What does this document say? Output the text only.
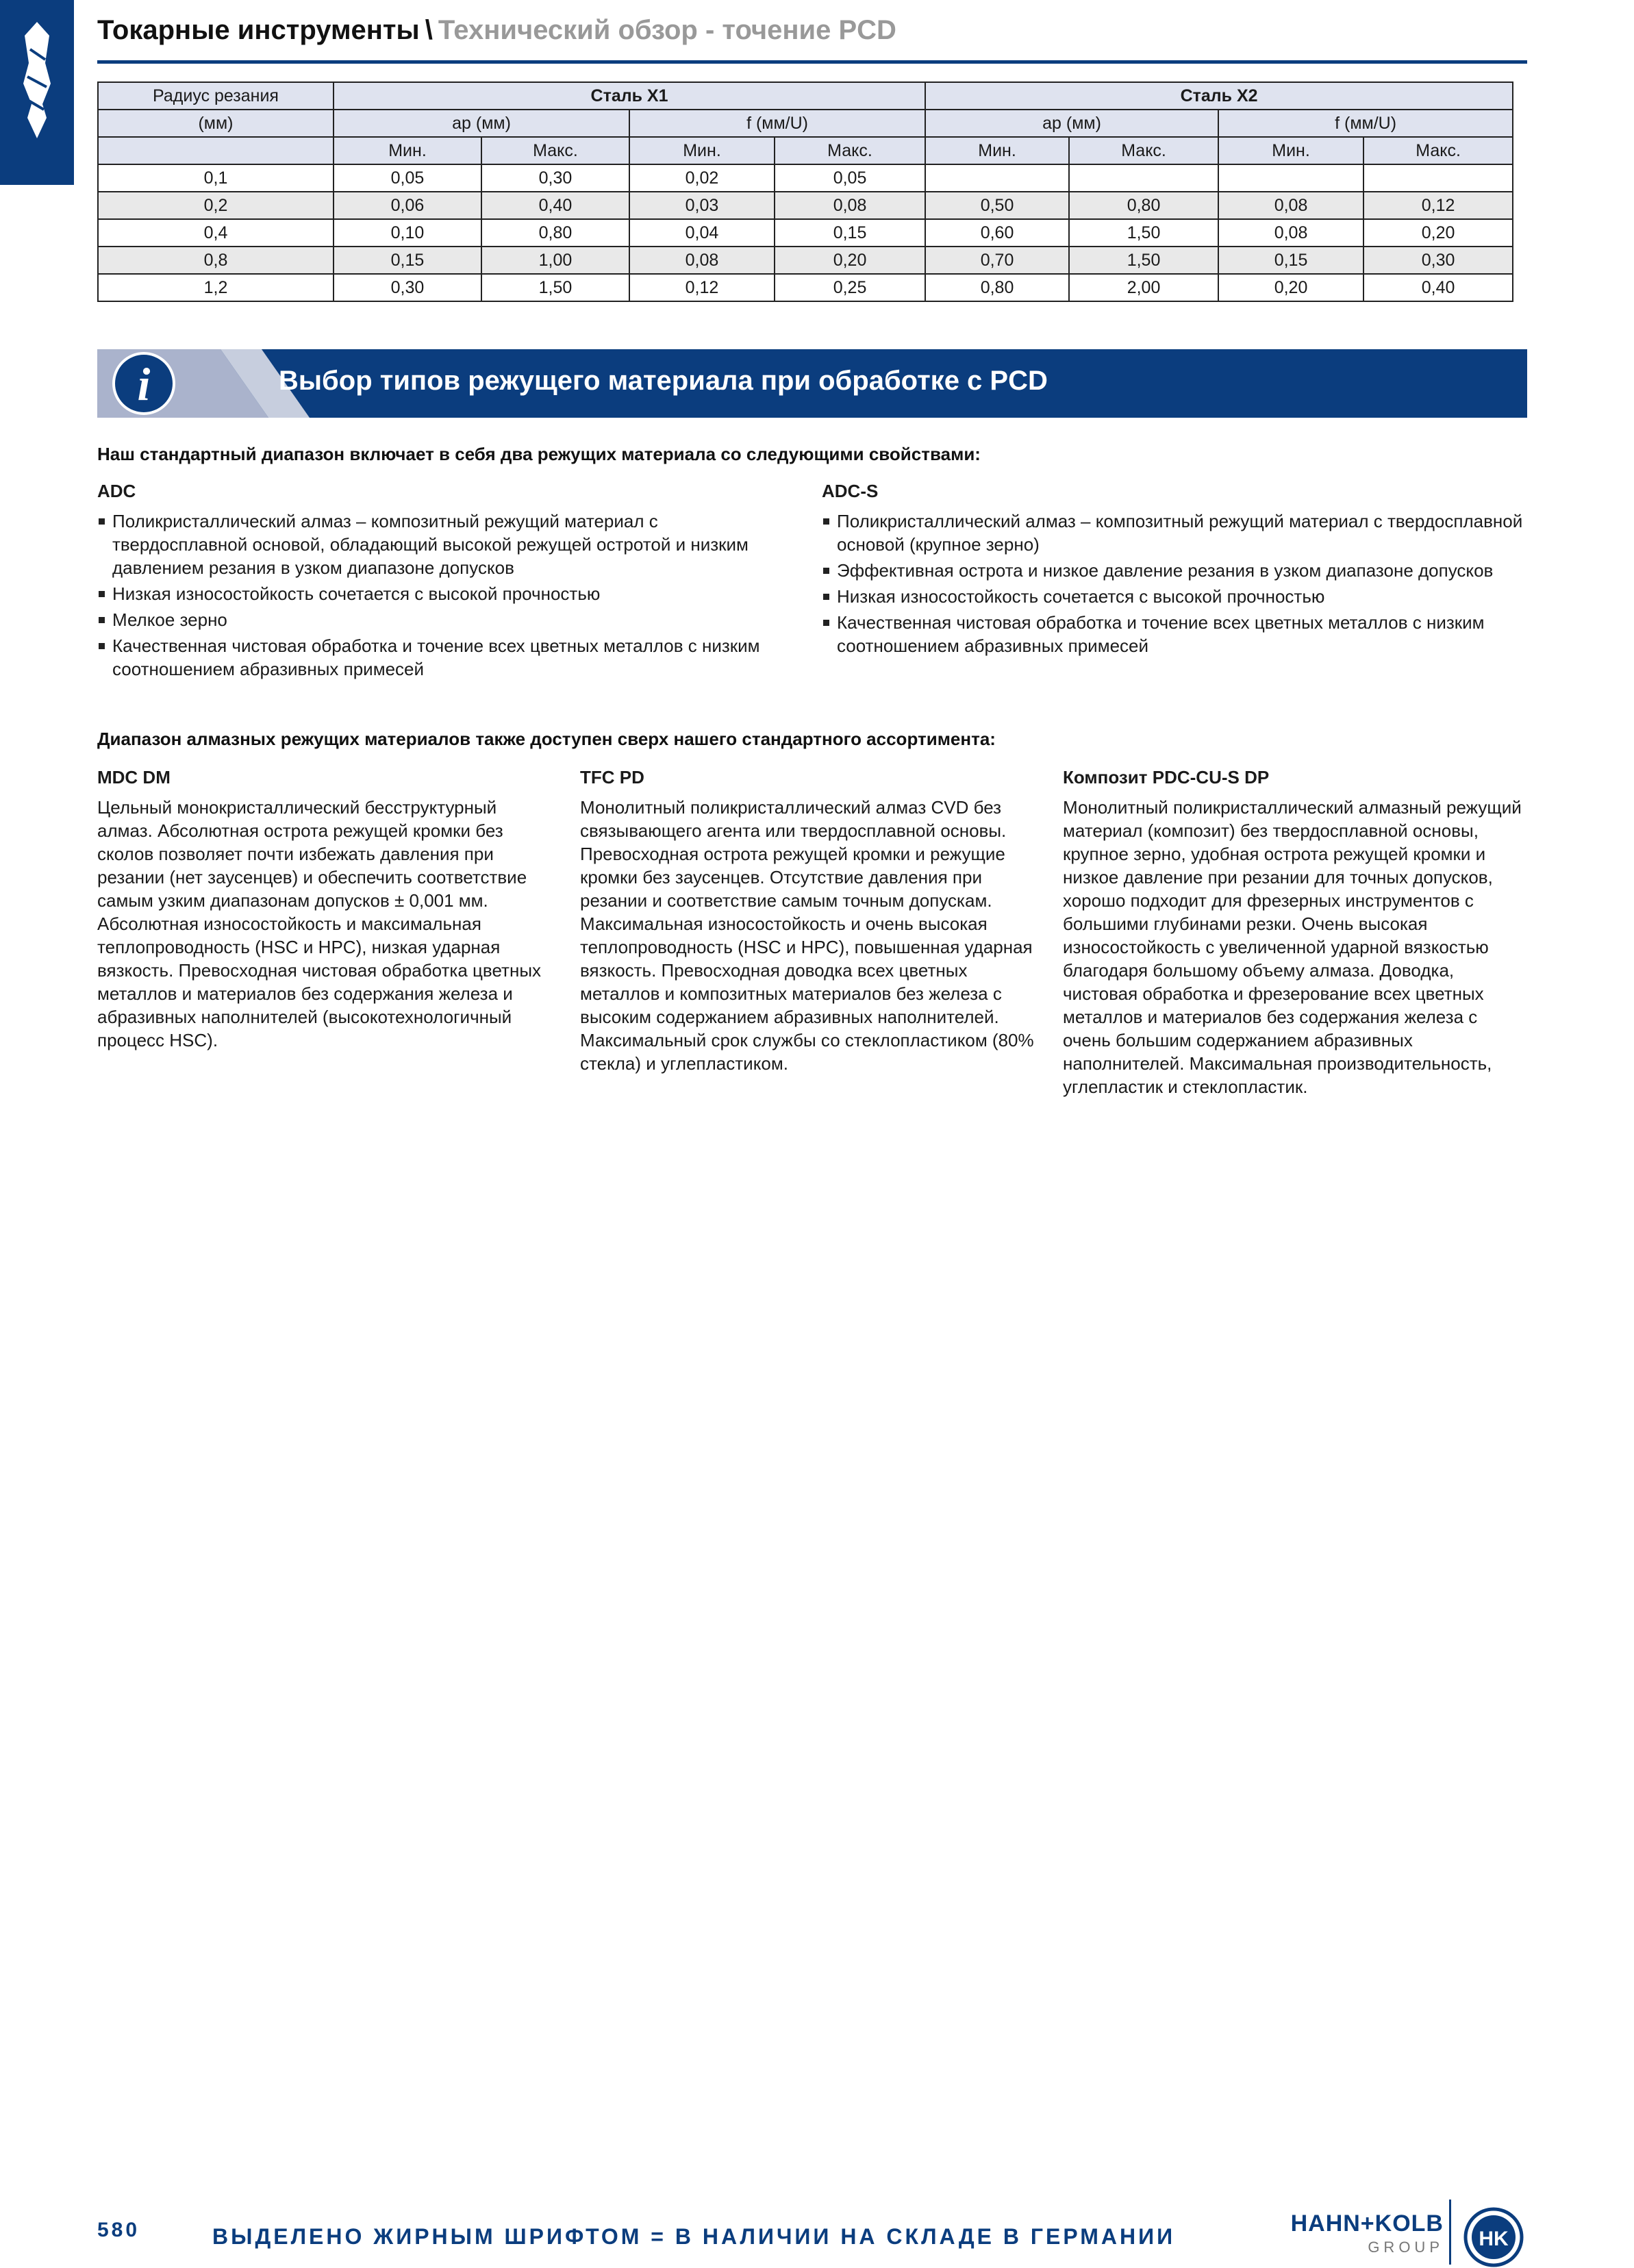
Токарные инструменты \ Технический обзор - точение PCD
Радиус резания	Сталь X1				Сталь X2			
(мм)	ap (мм)		f (мм/U)		ap (мм)		f (мм/U)	
	Мин.	Макс.	Мин.	Макс.	Мин.	Макс.	Мин.	Макс.
0,1	0,05	0,30	0,02	0,05				
0,2	0,06	0,40	0,03	0,08	0,50	0,80	0,08	0,12
0,4	0,10	0,80	0,04	0,15	0,60	1,50	0,08	0,20
0,8	0,15	1,00	0,08	0,20	0,70	1,50	0,15	0,30
1,2	0,30	1,50	0,12	0,25	0,80	2,00	0,20	0,40
i	Выбор типов режущего материала при обработке с PCD
Наш стандартный диапазон включает в себя два режущих материала со следующими свойствами:
ADC
Поликристаллический алмаз – композитный режущий материал с твердосплавной основой, обладающий высокой режущей остротой и низким давлением резания в узком диапазоне допусков
Низкая износостойкость сочетается с высокой прочностью
Мелкое зерно
Качественная чистовая обработка и точение всех цветных металлов с низким соотношением абразивных примесей
ADC-S
Поликристаллический алмаз – композитный режущий материал с твердосплавной основой (крупное зерно)
Эффективная острота и низкое давление резания в узком диапазоне допусков
Низкая износостойкость сочетается с высокой прочностью
Качественная чистовая обработка и точение всех цветных металлов с низким соотношением абразивных примесей
Диапазон алмазных режущих материалов также доступен сверх нашего стандартного ассортимента:
MDC DM

Цельный монокристаллический бесструктурный алмаз. Абсолютная острота режущей кромки без сколов позволяет почти избежать давления при резании (нет заусенцев) и обеспечить соответствие самым узким диапазонам допусков ± 0,001 мм. Абсолютная износостойкость и максимальная теплопроводность (HSC и HPC), низкая ударная вязкость. Превосходная чистовая обработка цветных металлов и материалов без содержания железа и абразивных наполнителей (высокотехнологичный процесс HSC).

TFC PD

Монолитный поликристаллический алмаз CVD без связывающего агента или твердосплавной основы. Превосходная острота режущей кромки и режущие кромки без заусенцев. Отсутствие давления при резании и соответствие самым точным допускам. Максимальная износостойкость и очень высокая теплопроводность (HSC и HPC), повышенная ударная вязкость. Превосходная доводка всех цветных металлов и композитных материалов без железа с высоким содержанием абразивных наполнителей. Максимальный срок службы со стеклопластиком (80% стекла) и углепластиком.

Композит PDC-CU-S DP

Монолитный поликристаллический алмазный режущий материал (композит) без твердосплавной основы, крупное зерно, удобная острота режущей кромки и низкое давление при резании для точных допусков, хорошо подходит для фрезерных инструментов с большими глубинами резки. Очень высокая износостойкость с увеличенной ударной вязкостью благодаря большому объему алмаза. Доводка, чистовая обработка и фрезерование всех цветных металлов и материалов без содержания железа с очень большим содержанием абразивных наполнителей. Максимальная производительность, углепластик и стеклопластик.

580	ВЫДЕЛЕНО ЖИРНЫМ ШРИФТОМ = В НАЛИЧИИ НА СКЛАДЕ В ГЕРМАНИИ	HAHN+KOLB
GROUP HK
